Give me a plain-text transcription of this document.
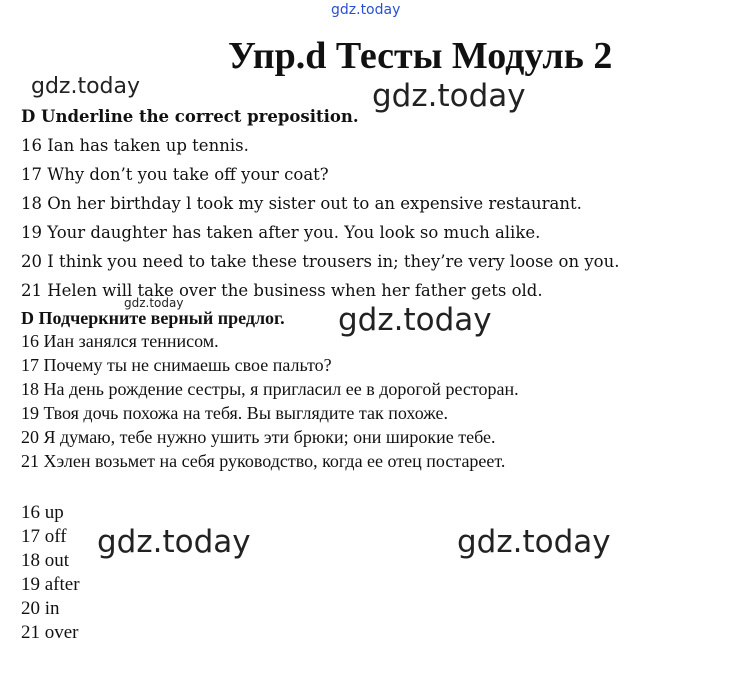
gdz.today
Упр.d Тесты Модуль 2
gdz.today	gdz.today
D Underline the correct preposition.
16 Ian has taken up tennis.
17 Why don’t you take off your coat?
18 On her birthday l took my sister out to an expensive restaurant.
19 Your daughter has taken after you. You look so much alike.
20 I think you need to take these trousers in; they’re very loose on you.
21 Helen will take over the business when her father gets old.
gdz.today
D Подчеркните верный предлог. gdz.today
16 Иан занялся теннисом.
17 Почему ты не снимаешь свое пальто?
18 На день рождение сестры, я пригласил ее в дорогой ресторан.
19 Твоя дочь похожа на тебя. Вы выглядите так похоже.
20 Я думаю, тебе нужно ушить эти брюки; они широкие тебе.
21 Хэлен возьмет на себя руководство, когда ее отец постареет.
16 up
17 off
18 out
19 after
20 in
21 over
gdz.today	gdz.today
